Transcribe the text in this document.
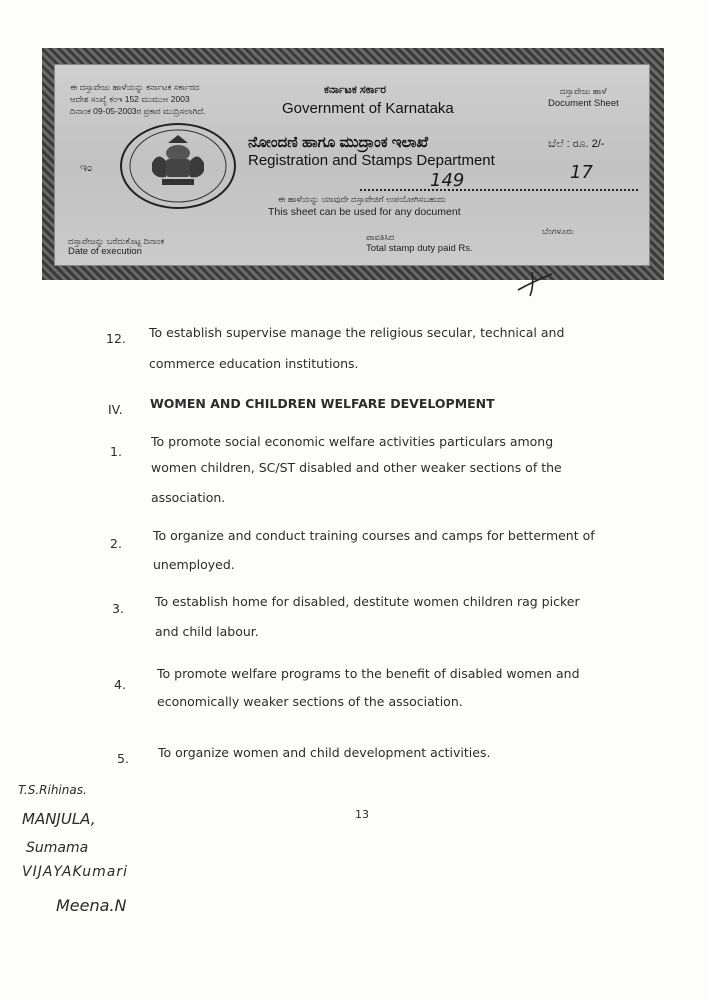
ಈ ದಸ್ತಾವೇಜು ಹಾಳೆಯನ್ನು ಕರ್ನಾಟಕ ಸರ್ಕಾರದ
ಆದೇಶ ಸಂಖ್ಯೆ ಕಂಇ 152 ಮುಮುಅ 2003
ದಿನಾಂಕ 09-05-2003ರ ಪ್ರಕಾರ ಮುದ್ರಿಸಲಾಗಿದೆ.
ಕರ್ನಾಟಕ ಸರ್ಕಾರ
Government of Karnataka
ದಸ್ತಾವೇಜು ಹಾಳೆ
Document Sheet
ಇಂ
ನೋಂದಣಿ ಹಾಗೂ ಮುದ್ರಾಂಕ ಇಲಾಖೆ
Registration and Stamps Department
ಬೆಲೆ : ರೂ. 2/-
149	17
ಈ ಹಾಳೆಯನ್ನು ಯಾವುದೇ ದಸ್ತಾವೇಜಿಗೆ ಉಪಯೋಗಿಸಬಹುದು
This sheet can be used for any document
ದಸ್ತಾವೇಜನ್ನು ಬರೆದುಕೊಟ್ಟ ದಿನಾಂಕ
Date of execution
ಪಾವತಿಸಿದ
ಬೆಂಗಳೂರು
Total stamp duty paid Rs.
12. To establish supervise manage the religious secular, technical and
commerce education institutions.
IV. WOMEN AND CHILDREN WELFARE DEVELOPMENT
1.
To promote social economic welfare activities particulars among
women children, SC/ST disabled and other weaker sections of the
association.
2.
To organize and conduct training courses and camps for betterment of
unemployed.
3. To establish home for disabled, destitute women children rag picker
and child labour.
4.
To promote welfare programs to the benefit of disabled women and
economically weaker sections of the association.
5. To organize women and child development activities.
13
T.S.Rihinas.
MANJULA,
Sumama
VIJAYAKumari
Meena.N
